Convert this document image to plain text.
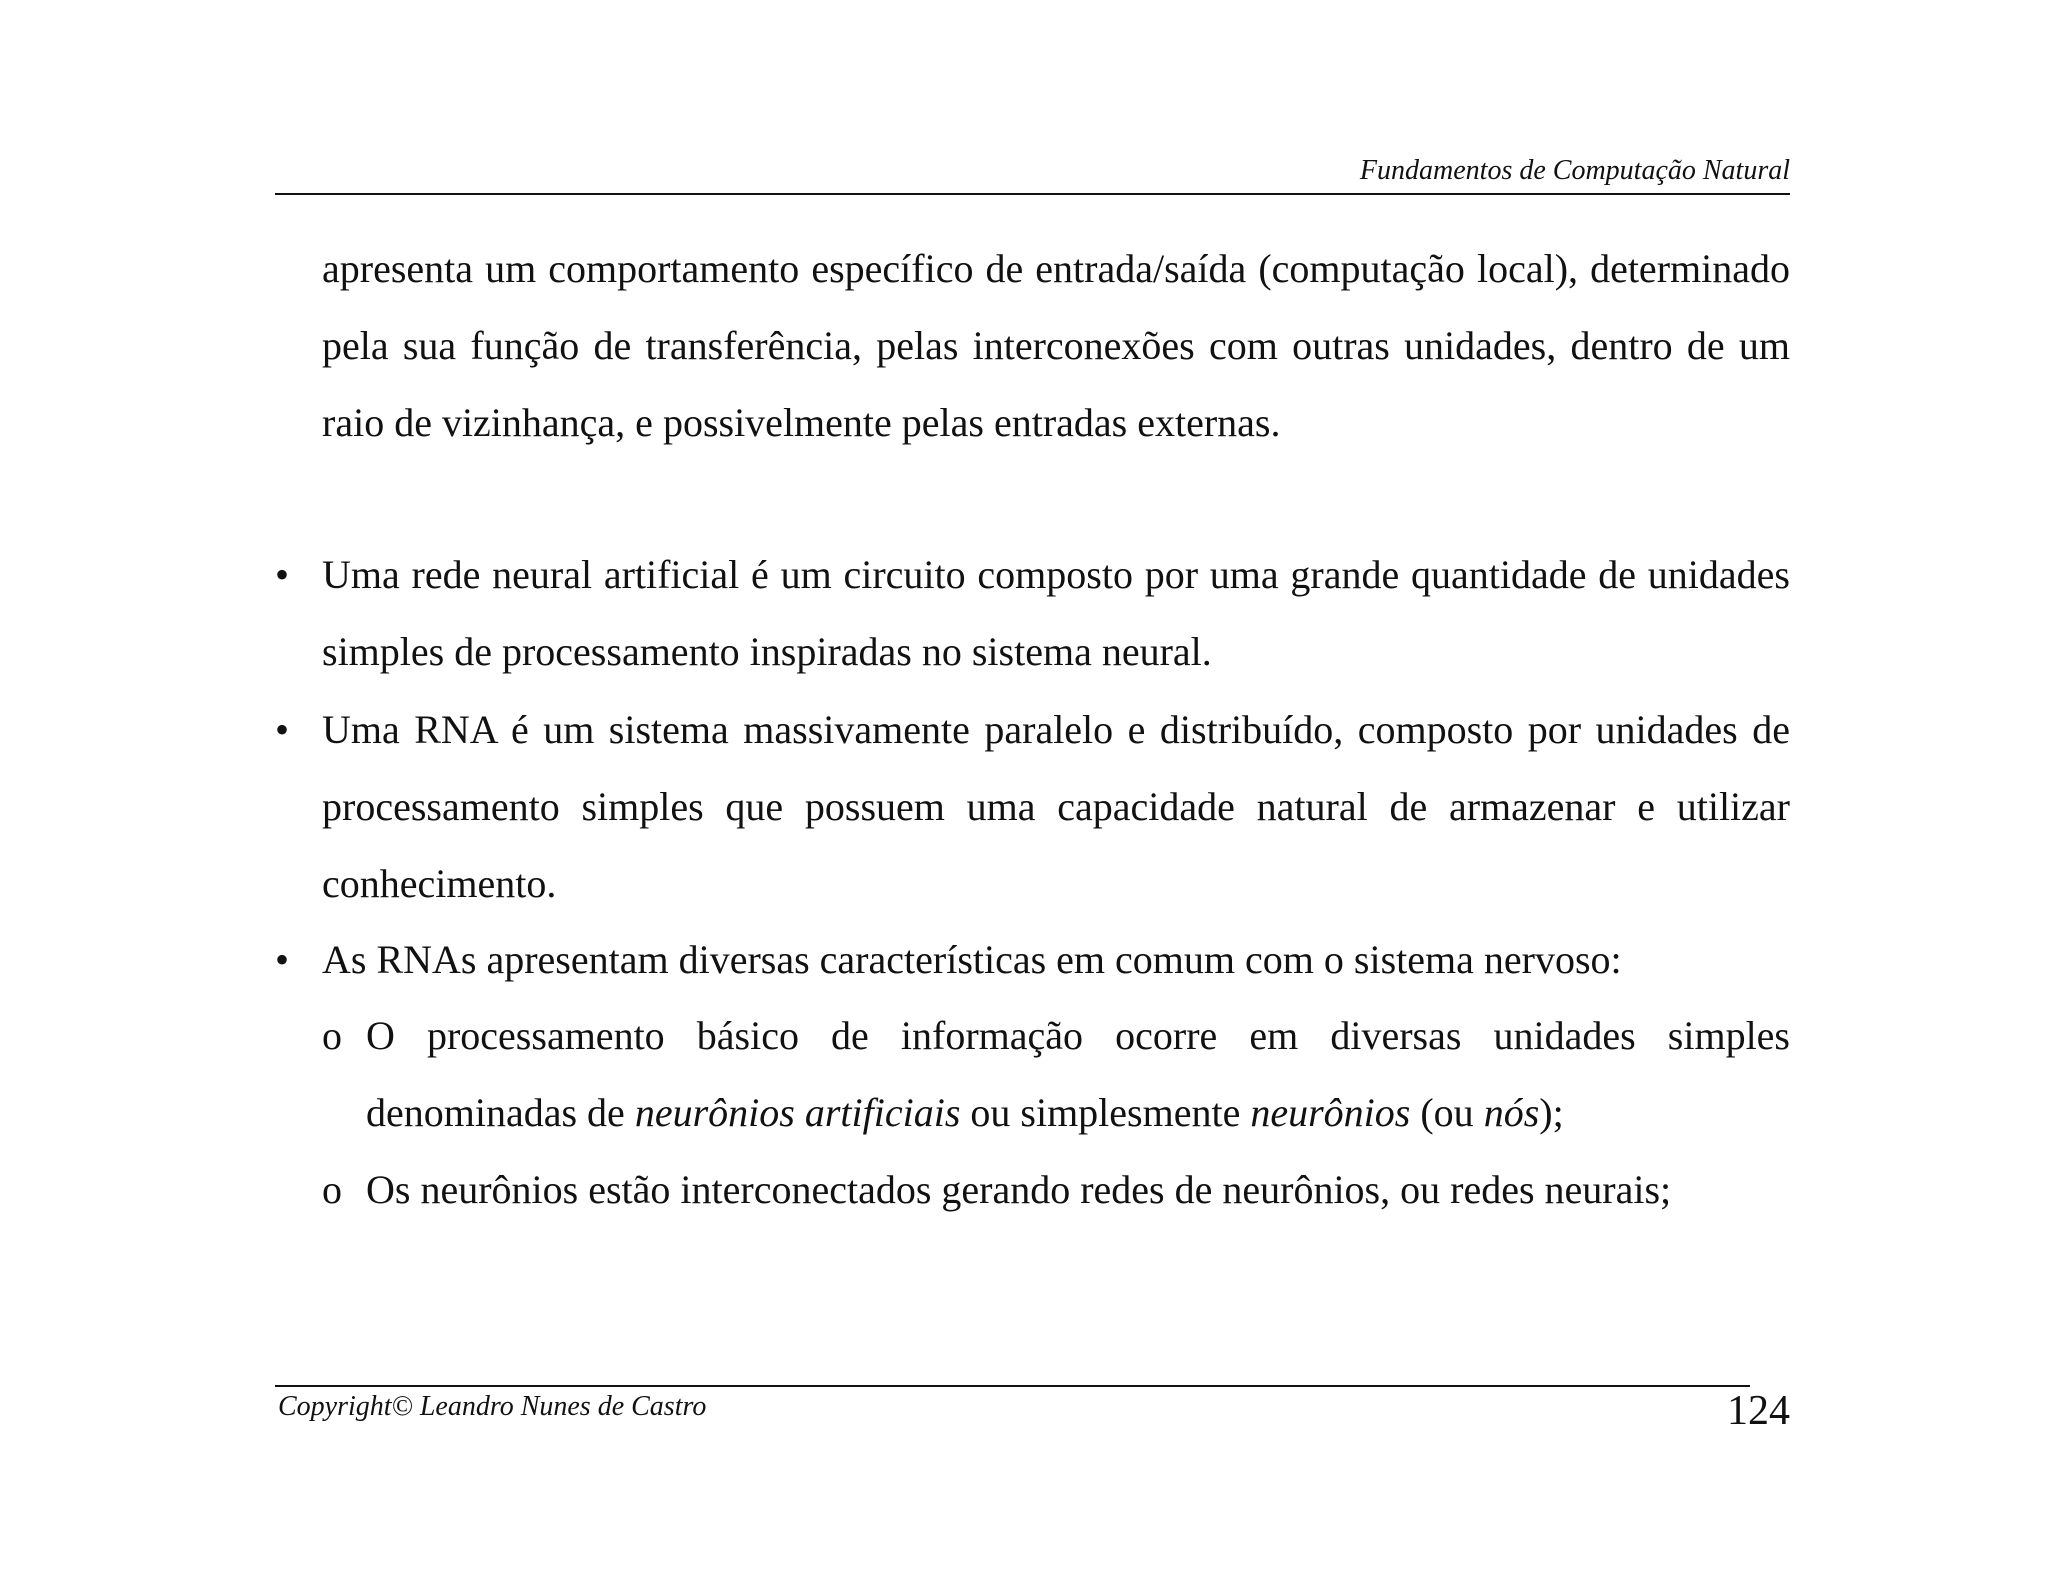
Fundamentos de Computação Natural
apresenta um comportamento específico de entrada/saída (computação local), determinado pela sua função de transferência, pelas interconexões com outras unidades, dentro de um raio de vizinhança, e possivelmente pelas entradas externas.
• Uma rede neural artificial é um circuito composto por uma grande quantidade de unidades simples de processamento inspiradas no sistema neural.
• Uma RNA é um sistema massivamente paralelo e distribuído, composto por unidades de processamento simples que possuem uma capacidade natural de armazenar e utilizar conhecimento.
• As RNAs apresentam diversas características em comum com o sistema nervoso:
o O processamento básico de informação ocorre em diversas unidades simples denominadas de neurônios artificiais ou simplesmente neurônios (ou nós);
o Os neurônios estão interconectados gerando redes de neurônios, ou redes neurais;
Copyright© Leandro Nunes de Castro	124
